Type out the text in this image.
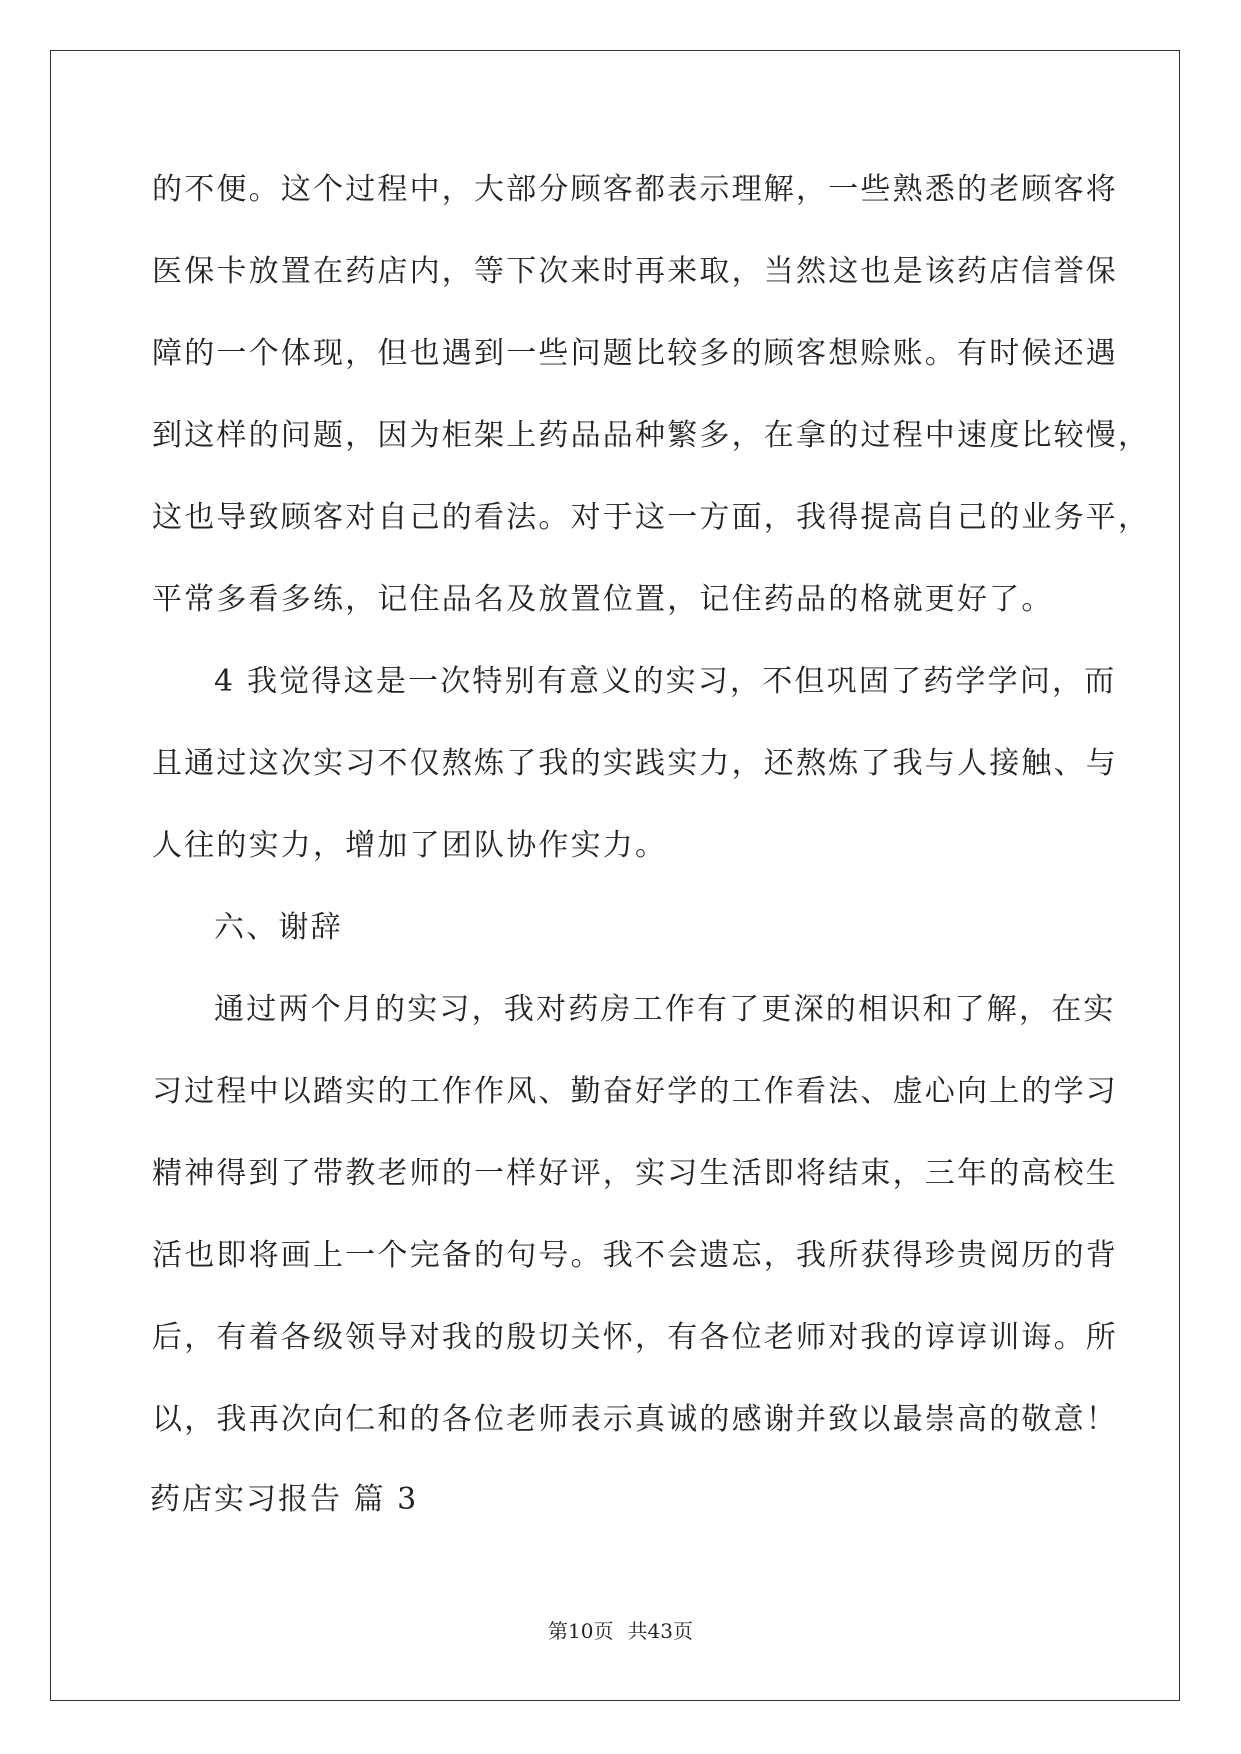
的不便。这个过程中，大部分顾客都表示理解，一些熟悉的老顾客将
医保卡放置在药店内，等下次来时再来取，当然这也是该药店信誉保
障的一个体现，但也遇到一些问题比较多的顾客想赊账。有时候还遇
到这样的问题，因为柜架上药品品种繁多，在拿的过程中速度比较慢，
这也导致顾客对自己的看法。对于这一方面，我得提高自己的业务平，
平常多看多练，记住品名及放置位置，记住药品的格就更好了。
4 我觉得这是一次特别有意义的实习，不但巩固了药学学问，而
且通过这次实习不仅熬炼了我的实践实力，还熬炼了我与人接触、与
人往的实力，增加了团队协作实力。
六、谢辞
通过两个月的实习，我对药房工作有了更深的相识和了解，在实
习过程中以踏实的工作作风、勤奋好学的工作看法、虚心向上的学习
精神得到了带教老师的一样好评，实习生活即将结束，三年的高校生
活也即将画上一个完备的句号。我不会遗忘，我所获得珍贵阅历的背
后，有着各级领导对我的殷切关怀，有各位老师对我的谆谆训诲。所
以，我再次向仁和的各位老师表示真诚的感谢并致以最崇高的敬意！
药店实习报告 篇 3
第10页 共43页
